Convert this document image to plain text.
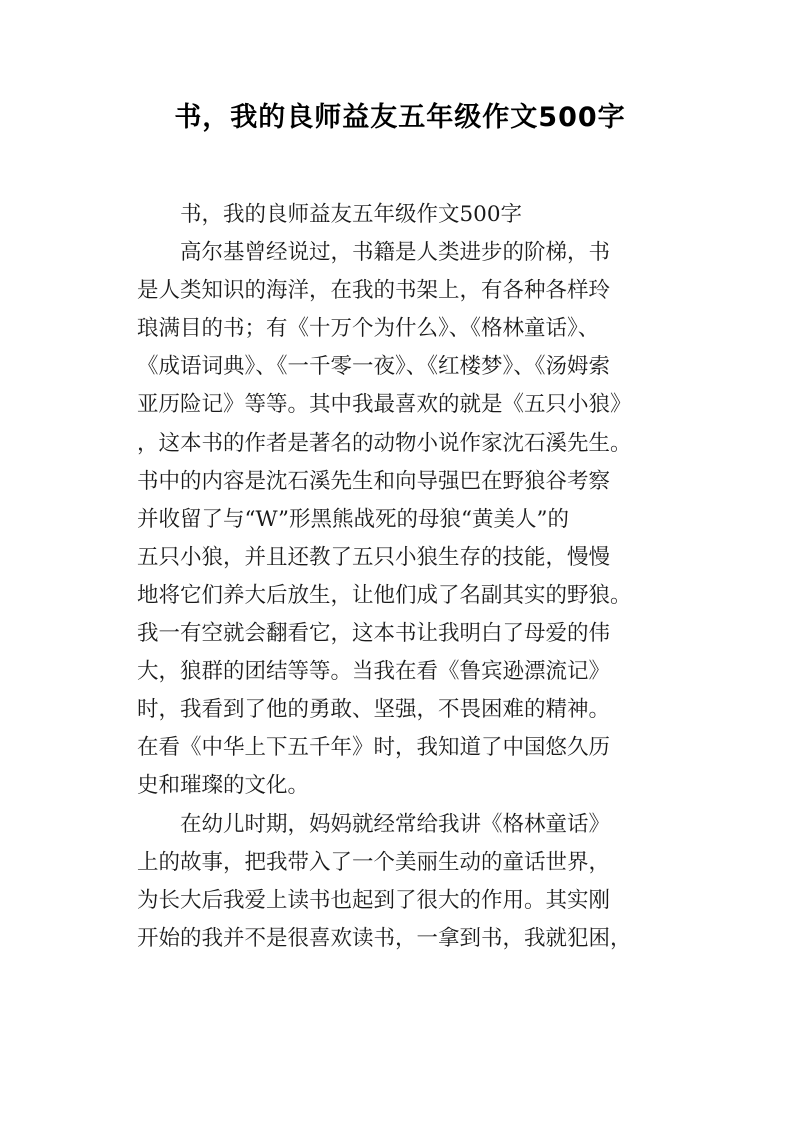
书，我的良师益友五年级作文500字
书，我的良师益友五年级作文500字
高尔基曾经说过，书籍是人类进步的阶梯，书
是人类知识的海洋，在我的书架上，有各种各样玲
琅满目的书；有《十万个为什么》、《格林童话》、
《成语词典》、《一千零一夜》、《红楼梦》、《汤姆索
亚历险记》等等。其中我最喜欢的就是《五只小狼》
，这本书的作者是著名的动物小说作家沈石溪先生。
书中的内容是沈石溪先生和向导强巴在野狼谷考察
并收留了与“W”形黑熊战死的母狼“黄美人”的
五只小狼，并且还教了五只小狼生存的技能，慢慢
地将它们养大后放生，让他们成了名副其实的野狼。
我一有空就会翻看它，这本书让我明白了母爱的伟
大，狼群的团结等等。当我在看《鲁宾逊漂流记》
时，我看到了他的勇敢、坚强，不畏困难的精神。
在看《中华上下五千年》时，我知道了中国悠久历
史和璀璨的文化。
在幼儿时期，妈妈就经常给我讲《格林童话》
上的故事，把我带入了一个美丽生动的童话世界，
为长大后我爱上读书也起到了很大的作用。其实刚
开始的我并不是很喜欢读书，一拿到书，我就犯困，
